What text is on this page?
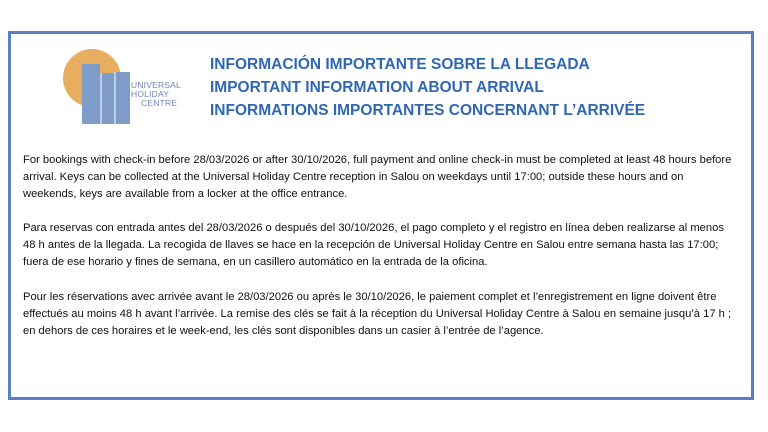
UNIVERSAL
HOLIDAY
CENTRE
INFORMACIÓN IMPORTANTE SOBRE LA LLEGADA
IMPORTANT INFORMATION ABOUT ARRIVAL
INFORMATIONS IMPORTANTES CONCERNANT L’ARRIVÉE

For bookings with check-in before 28/03/2026 or after 30/10/2026, full payment and online check-in must be completed at least 48 hours before arrival. Keys can be collected at the Universal Holiday Centre reception in Salou on weekdays until 17:00; outside these hours and on weekends, keys are available from a locker at the office entrance.

Para reservas con entrada antes del 28/03/2026 o después del 30/10/2026, el pago completo y el registro en línea deben realizarse al menos 48 h antes de la llegada. La recogida de llaves se hace en la recepción de Universal Holiday Centre en Salou entre semana hasta las 17:00; fuera de ese horario y fines de semana, en un casillero automático en la entrada de la oficina.

Pour les réservations avec arrivée avant le 28/03/2026 ou après le 30/10/2026, le paiement complet et l’enregistrement en ligne doivent être effectués au moins 48 h avant l’arrivée. La remise des clés se fait à la réception du Universal Holiday Centre à Salou en semaine jusqu’à 17 h ; en dehors de ces horaires et le week-end, les clés sont disponibles dans un casier à l’entrée de l’agence.
